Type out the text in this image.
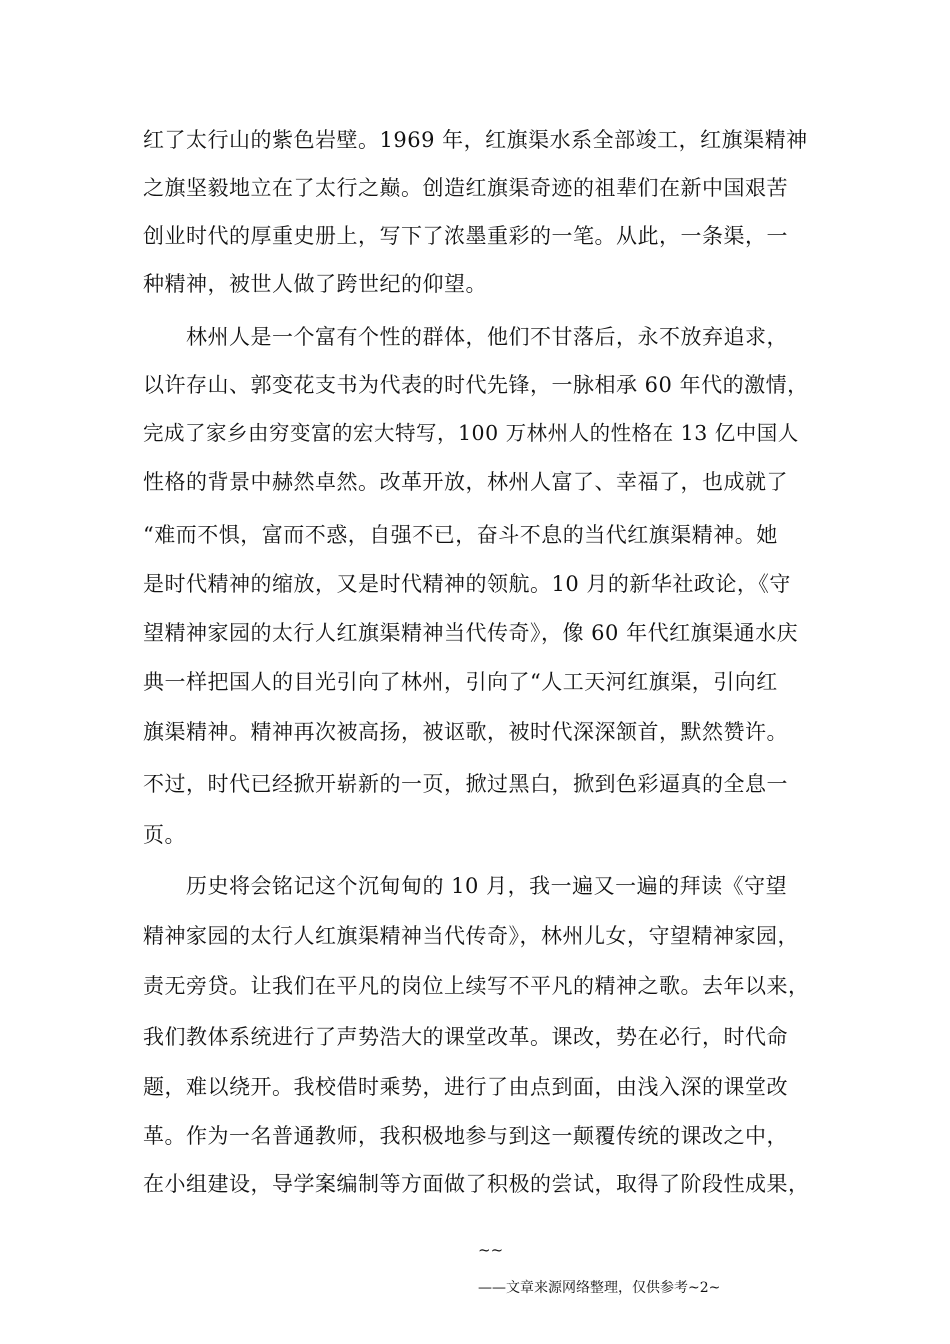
红了太行山的紫色岩壁。1969 年，红旗渠水系全部竣工，红旗渠精神
之旗坚毅地立在了太行之巅。创造红旗渠奇迹的祖辈们在新中国艰苦
创业时代的厚重史册上，写下了浓墨重彩的一笔。从此，一条渠，一
种精神，被世人做了跨世纪的仰望。
林州人是一个富有个性的群体，他们不甘落后，永不放弃追求，
以许存山、郭变花支书为代表的时代先锋，一脉相承 60 年代的激情，
完成了家乡由穷变富的宏大特写，100 万林州人的性格在 13 亿中国人
性格的背景中赫然卓然。改革开放，林州人富了、幸福了，也成就了
“难而不惧，富而不惑，自强不已，奋斗不息的当代红旗渠精神。她
是时代精神的缩放，又是时代精神的领航。10 月的新华社政论，《守
望精神家园的太行人红旗渠精神当代传奇》，像 60 年代红旗渠通水庆
典一样把国人的目光引向了林州，引向了“人工天河红旗渠，引向红
旗渠精神。精神再次被高扬，被讴歌，被时代深深颔首，默然赞许。
不过，时代已经掀开崭新的一页，掀过黑白，掀到色彩逼真的全息一
页。
历史将会铭记这个沉甸甸的 10 月，我一遍又一遍的拜读《守望
精神家园的太行人红旗渠精神当代传奇》，林州儿女，守望精神家园，
责无旁贷。让我们在平凡的岗位上续写不平凡的精神之歌。去年以来，
我们教体系统进行了声势浩大的课堂改革。课改，势在必行，时代命
题，难以绕开。我校借时乘势，进行了由点到面，由浅入深的课堂改
革。作为一名普通教师，我积极地参与到这一颠覆传统的课改之中，
在小组建设，导学案编制等方面做了积极的尝试，取得了阶段性成果，
~~
——文章来源网络整理，仅供参考~2~
